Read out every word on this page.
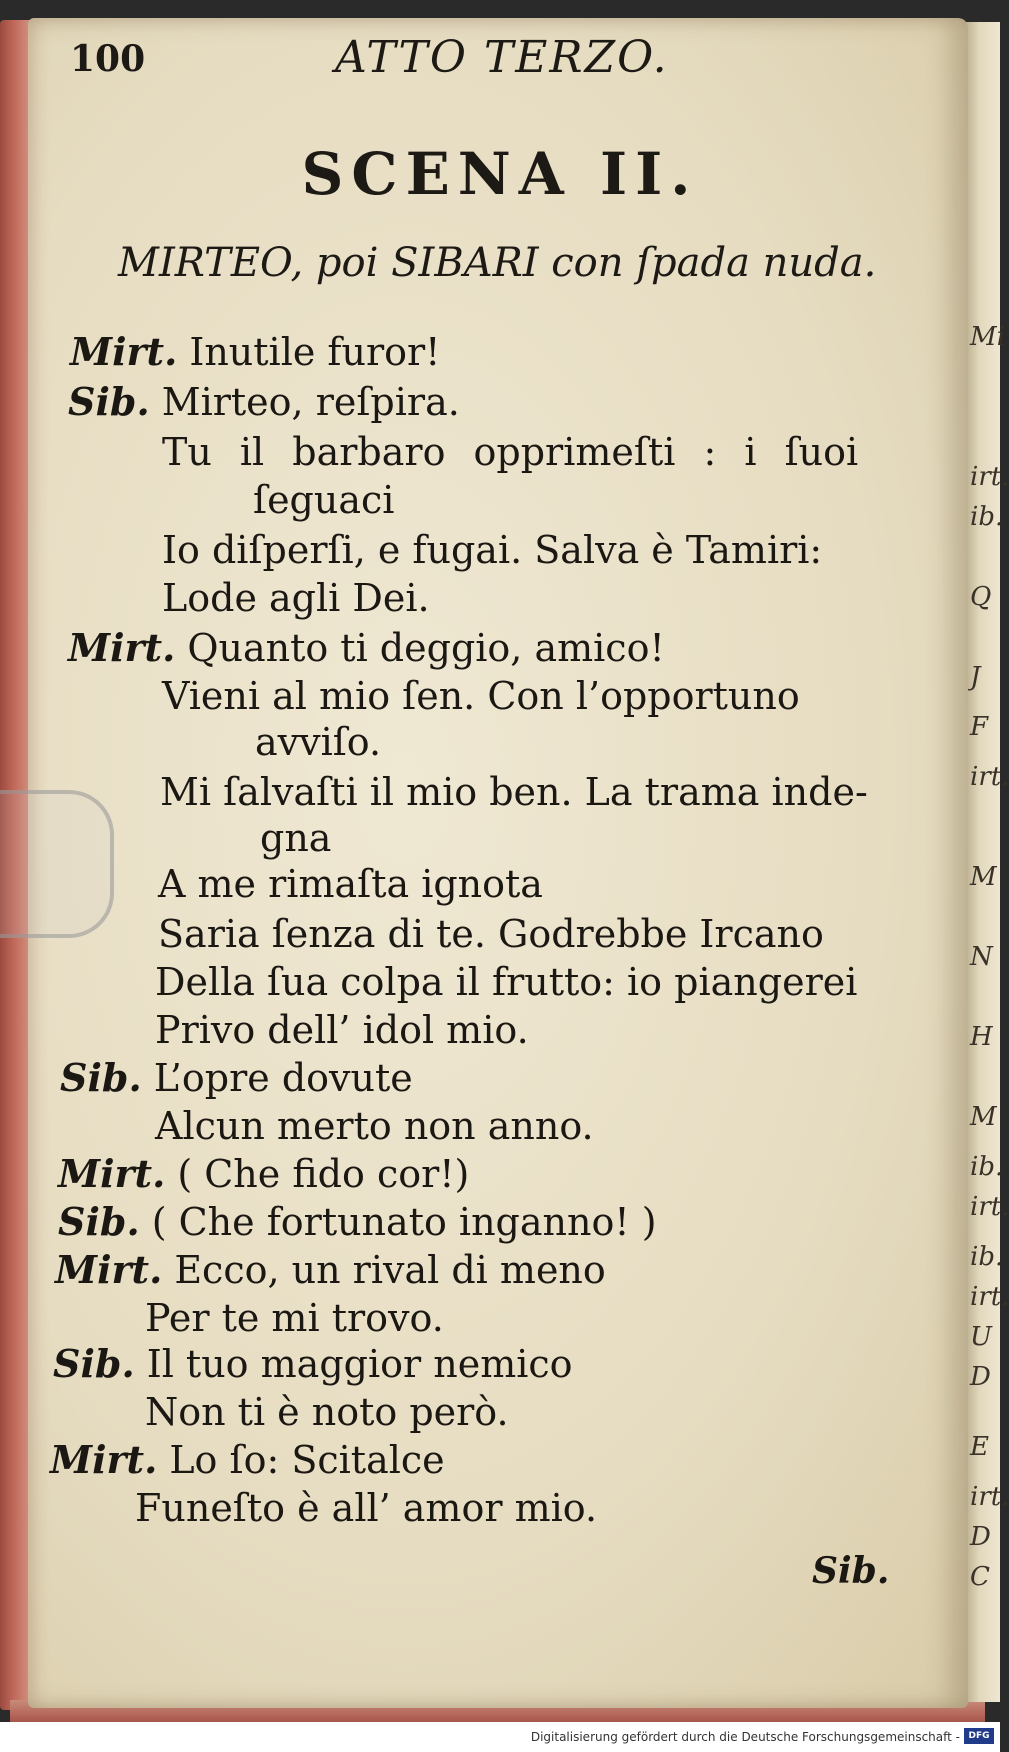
Mi
irt.
ib.
Q
J
F
irt.
M
N
H
M
ib.
irt.
ib.
irt.
U
D
E
irt.
D
C
100	ATTO TERZO.
SCENA II.
MIRTEO, poi SIBARI con ſpada nuda.
Mirt. Inutile furor!
Sib. Mirteo, reſpira.
Tu il barbaro opprimeſti : i ſuoi
ſeguaci
Io diſperſi, e fugai. Salva è Tamiri:
Lode agli Dei.
Mirt. Quanto ti deggio, amico!
Vieni al mio ſen. Con l’opportuno
avviſo.
Mi ſalvaſti il mio ben. La trama inde-
gna
A me rimaſta ignota
Saria ſenza di te. Godrebbe Ircano
Della ſua colpa il frutto: io piangerei
Privo dell’ idol mio.
Sib. L’opre dovute
Alcun merto non anno.
Mirt. ( Che fido cor!)
Sib. ( Che fortunato inganno! )
Mirt. Ecco, un rival di meno
Per te mi trovo.
Sib. Il tuo maggior nemico
Non ti è noto però.
Mirt. Lo ſo: Scitalce
Funeſto è all’ amor mio.
Sib.
Digitalisierung gefördert durch die Deutsche Forschungsgemeinschaft - DFG
